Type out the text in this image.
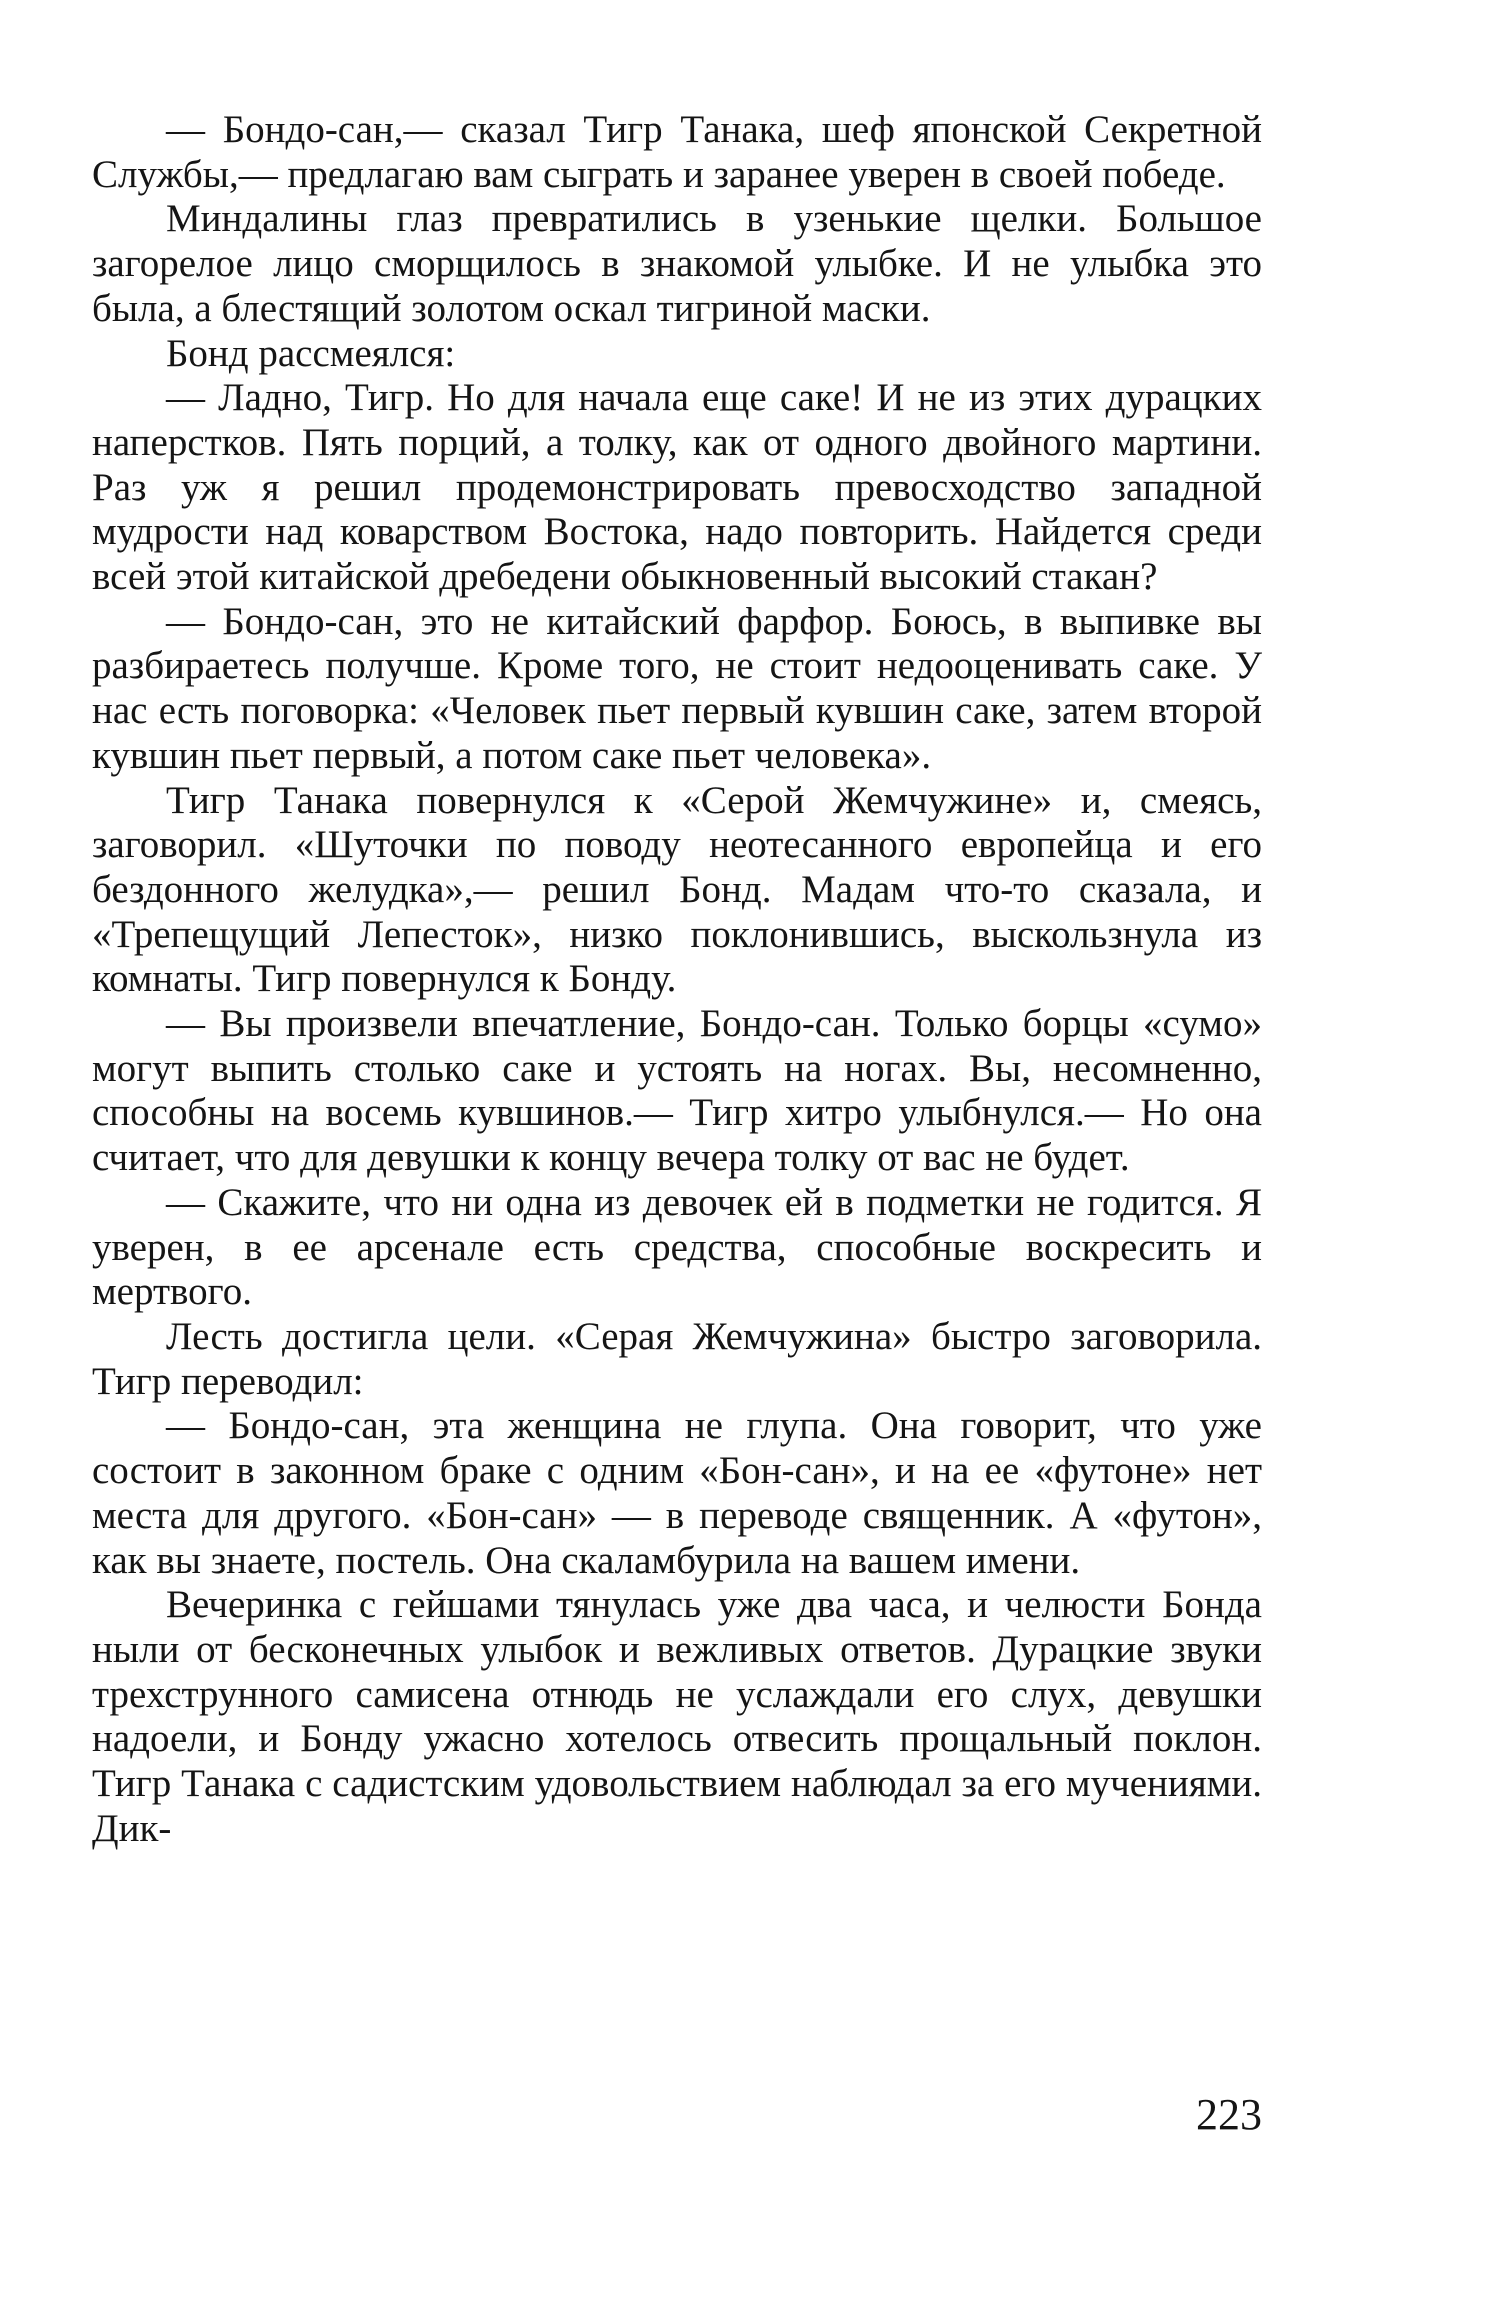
— Бондо-сан,— сказал Тигр Танака, шеф японской Секретной Службы,— предлагаю вам сыграть и заранее уверен в своей победе.

Миндалины глаз превратились в узенькие щелки. Большое загорелое лицо сморщилось в знакомой улыбке. И не улыбка это была, а блестящий золотом оскал тигриной маски.

Бонд рассмеялся:

— Ладно, Тигр. Но для начала еще саке! И не из этих дурацких наперстков. Пять порций, а толку, как от одного двойного мартини. Раз уж я решил продемонстрировать превосходство западной мудрости над коварством Востока, надо повторить. Найдется среди всей этой китайской дребедени обыкновенный высокий стакан?

— Бондо-сан, это не китайский фарфор. Боюсь, в выпивке вы разбираетесь получше. Кроме того, не стоит недооценивать саке. У нас есть поговорка: «Человек пьет первый кувшин саке, затем второй кувшин пьет первый, а потом саке пьет человека».

Тигр Танака повернулся к «Серой Жемчужине» и, смеясь, заговорил. «Шуточки по поводу неотесанного европейца и его бездонного желудка»,— решил Бонд. Мадам что-то сказала, и «Трепещущий Лепесток», низко поклонившись, выскользнула из комнаты. Тигр повернулся к Бонду.

— Вы произвели впечатление, Бондо-сан. Только борцы «сумо» могут выпить столько саке и устоять на ногах. Вы, несомненно, способны на восемь кувшинов.— Тигр хитро улыбнулся.— Но она считает, что для девушки к концу вечера толку от вас не будет.

— Скажите, что ни одна из девочек ей в подметки не годится. Я уверен, в ее арсенале есть средства, способные воскресить и мертвого.

Лесть достигла цели. «Серая Жемчужина» быстро заговорила. Тигр переводил:

— Бондо-сан, эта женщина не глупа. Она говорит, что уже состоит в законном браке с одним «Бон-сан», и на ее «футоне» нет места для другого. «Бон-сан» — в переводе священник. А «футон», как вы знаете, постель. Она скаламбурила на вашем имени.

Вечеринка с гейшами тянулась уже два часа, и челюсти Бонда ныли от бесконечных улыбок и вежливых ответов. Дурацкие звуки трехструнного самисена отнюдь не услаждали его слух, девушки надоели, и Бонду ужасно хотелось отвесить прощальный поклон. Тигр Танака с садистским удовольствием наблюдал за его мучениями. Дик-

223
